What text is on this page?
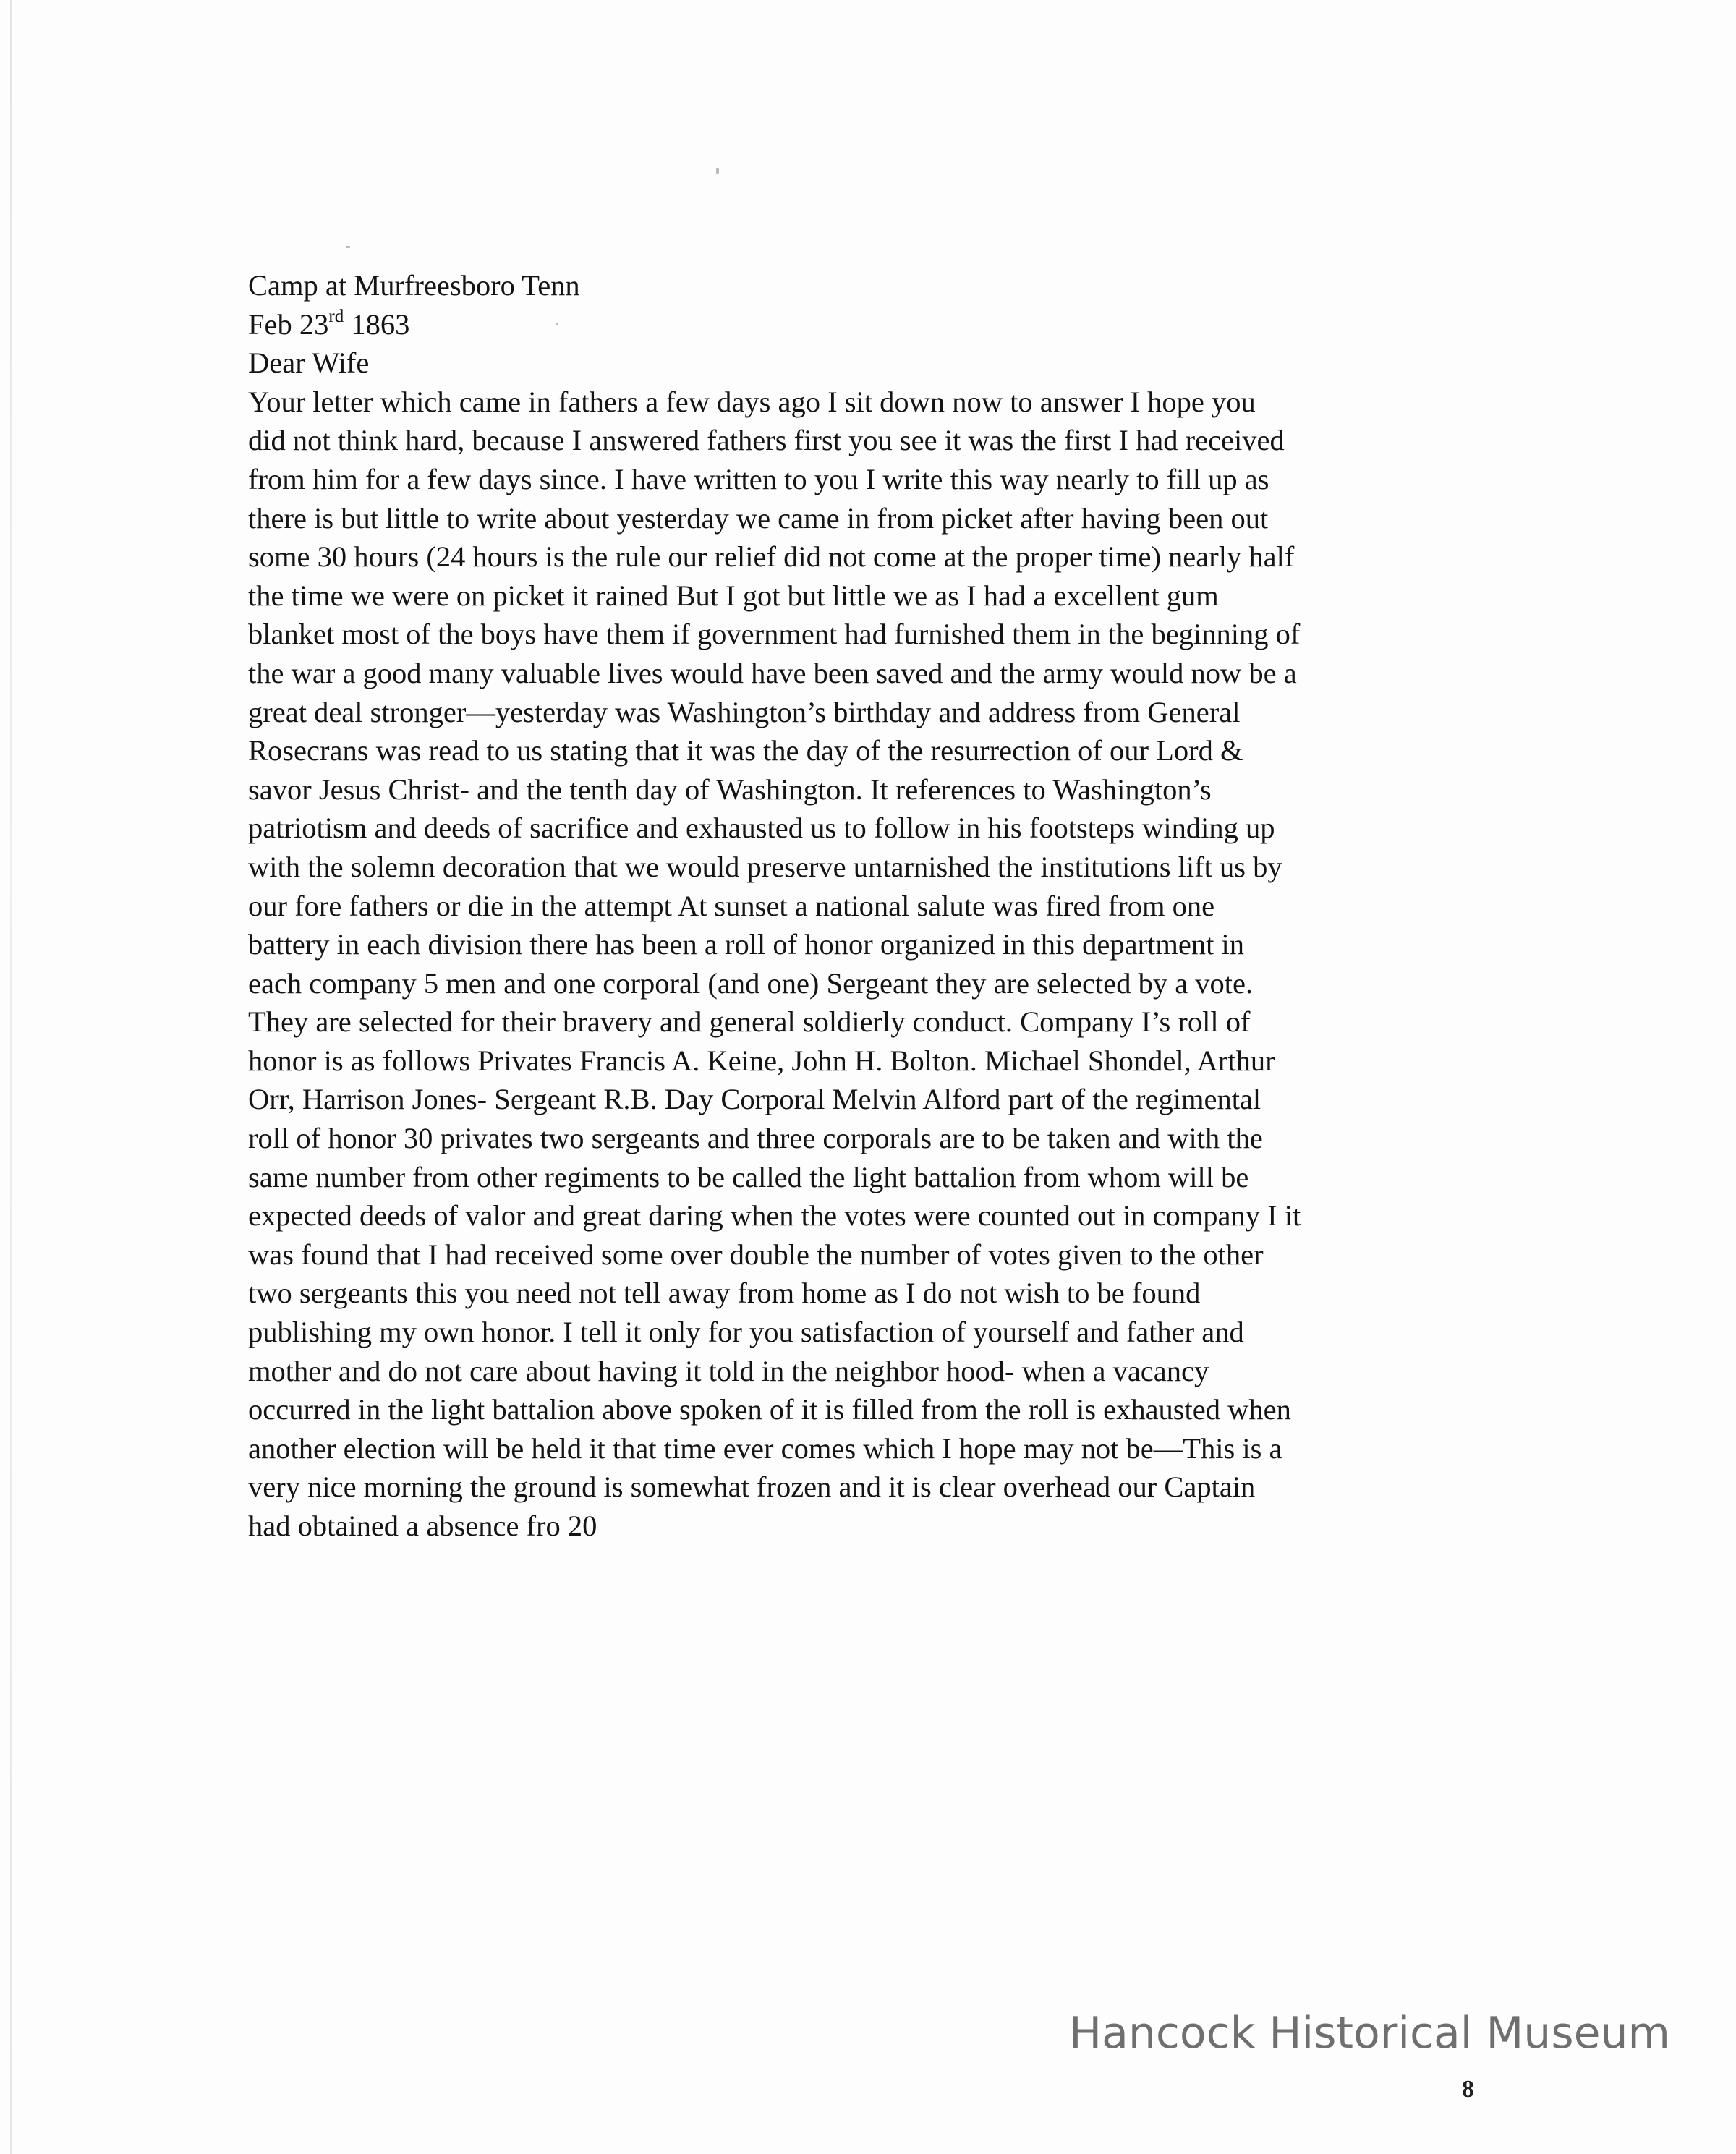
Camp at Murfreesboro Tenn
Feb 23rd 1863
Dear Wife
Your letter which came in fathers a few days ago I sit down now to answer I hope you
did not think hard, because I answered fathers first you see it was the first I had received
from him for a few days since. I have written to you I write this way nearly to fill up as
there is but little to write about yesterday we came in from picket after having been out
some 30 hours (24 hours is the rule our relief did not come at the proper time) nearly half
the time we were on picket it rained But I got but little we as I had a excellent gum
blanket most of the boys have them if government had furnished them in the beginning of
the war a good many valuable lives would have been saved and the army would now be a
great deal stronger—yesterday was Washington’s birthday and address from General
Rosecrans was read to us stating that it was the day of the resurrection of our Lord &
savor Jesus Christ- and the tenth day of Washington. It references to Washington’s
patriotism and deeds of sacrifice and exhausted us to follow in his footsteps winding up
with the solemn decoration that we would preserve untarnished the institutions lift us by
our fore fathers or die in the attempt At sunset a national salute was fired from one
battery in each division there has been a roll of honor organized in this department in
each company 5 men and one corporal (and one) Sergeant they are selected by a vote.
They are selected for their bravery and general soldierly conduct. Company I’s roll of
honor is as follows Privates Francis A. Keine, John H. Bolton. Michael Shondel, Arthur
Orr, Harrison Jones- Sergeant R.B. Day Corporal Melvin Alford part of the regimental
roll of honor 30 privates two sergeants and three corporals are to be taken and with the
same number from other regiments to be called the light battalion from whom will be
expected deeds of valor and great daring when the votes were counted out in company I it
was found that I had received some over double the number of votes given to the other
two sergeants this you need not tell away from home as I do not wish to be found
publishing my own honor. I tell it only for you satisfaction of yourself and father and
mother and do not care about having it told in the neighbor hood- when a vacancy
occurred in the light battalion above spoken of it is filled from the roll is exhausted when
another election will be held it that time ever comes which I hope may not be—This is a
very nice morning the ground is somewhat frozen and it is clear overhead our Captain
had obtained a absence fro 20
Hancock Historical Museum
8
